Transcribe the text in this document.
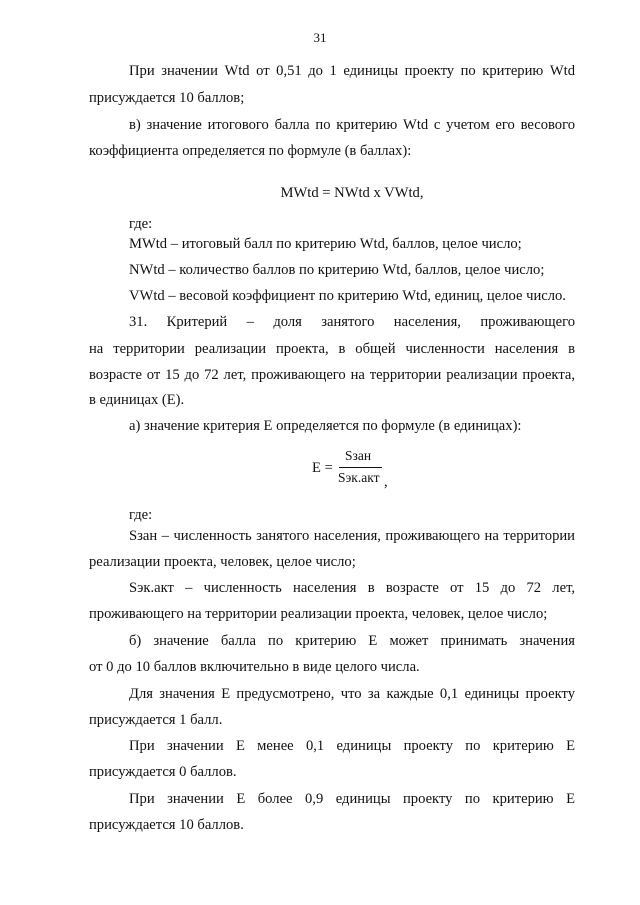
31
При значении Wtd от 0,51 до 1 единицы проекту по критерию Wtd
присуждается 10 баллов;
в) значение итогового балла по критерию Wtd с учетом его весового
коэффициента определяется по формуле (в баллах):
MWtd = NWtd x VWtd,
где:
MWtd – итоговый балл по критерию Wtd, баллов, целое число;
NWtd – количество баллов по критерию Wtd, баллов, целое число;
VWtd – весовой коэффициент по критерию Wtd, единиц, целое число.
31. Критерий – доля занятого населения, проживающего
на территории реализации проекта, в общей численности населения в
возрасте от 15 до 72 лет, проживающего на территории реализации проекта,
в единицах (Е).
а) значение критерия Е определяется по формуле (в единицах):
Е =
Sзан
Sэк.акт ,
где:
Sзан – численность занятого населения, проживающего на территории
реализации проекта, человек, целое число;
Sэк.акт – численность населения в возрасте от 15 до 72 лет,
проживающего на территории реализации проекта, человек, целое число;
б) значение балла по критерию Е может принимать значения
от 0 до 10 баллов включительно в виде целого числа.
Для значения Е предусмотрено, что за каждые 0,1 единицы проекту
присуждается 1 балл.
При значении Е менее 0,1 единицы проекту по критерию Е
присуждается 0 баллов.
При значении Е более 0,9 единицы проекту по критерию Е
присуждается 10 баллов.
